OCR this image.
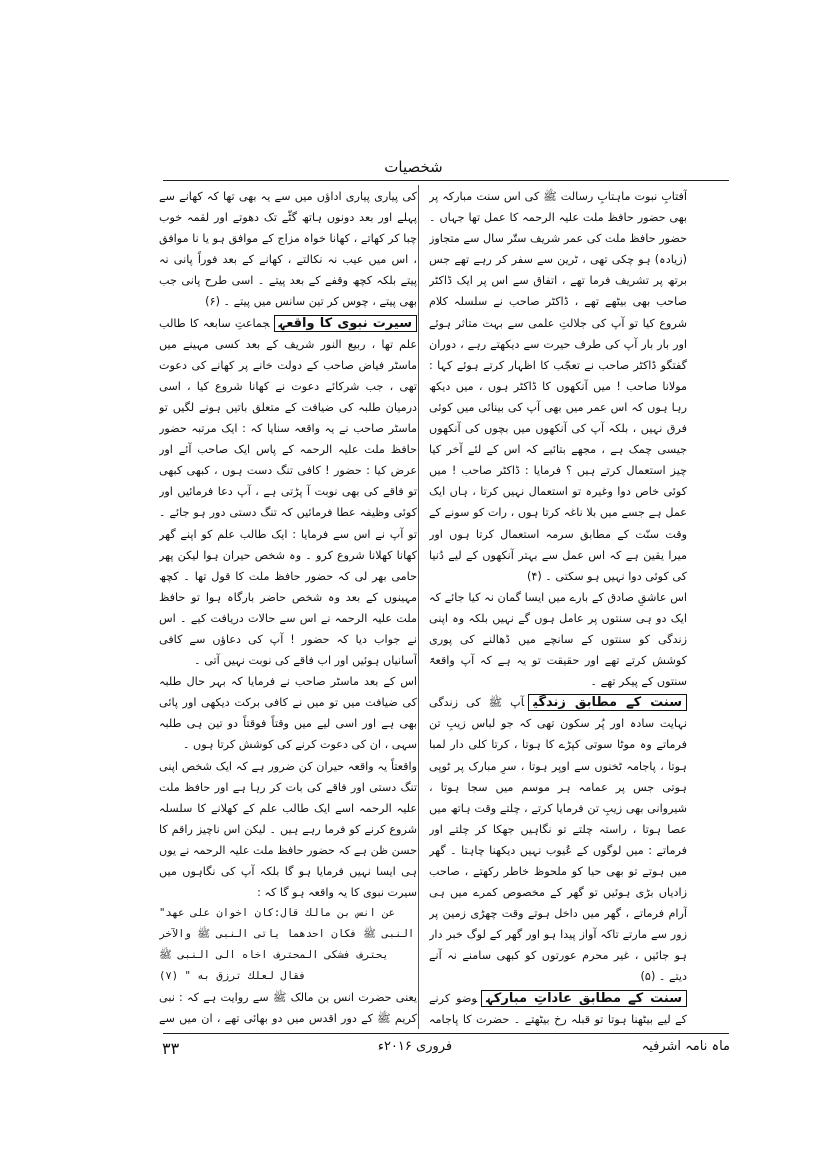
شخصیات

آفتابِ نبوت ماہتابِ رسالت ﷺ کی اس سنت مبارکہ پر بھی حضور حافظ ملت علیہ الرحمہ کا عمل تھا جہاں ۔ حضور حافظ ملت کی عمر شریف ستّر سال سے متجاوز (زیادہ) ہو چکی تھی ، ٹرین سے سفر کر رہے تھے جس برتھ پر تشریف فرما تھے ، اتفاق سے اس پر ایک ڈاکٹر صاحب بھی بیٹھے تھے ، ڈاکٹر صاحب نے سلسلہ کلام شروع کیا تو آپ کی جلالتِ علمی سے بہت متاثر ہوئے اور بار بار آپ کی طرف حیرت سے دیکھتے رہے ، دوران گفتگو ڈاکٹر صاحب نے تعجّب کا اظہار کرتے ہوئے کہا : مولانا صاحب ! میں آنکھوں کا ڈاکٹر ہوں ، میں دیکھ رہا ہوں کہ اس عمر میں بھی آپ کی بینائی میں کوئی فرق نہیں ، بلکہ آپ کی آنکھوں میں بچوں کی آنکھوں جیسی چمک ہے ، مجھے بتائیے کہ اس کے لئے آخر کیا چیز استعمال کرتے ہیں ؟ فرمایا : ڈاکٹر صاحب ! میں کوئی خاص دوا وغیرہ تو استعمال نہیں کرتا ، ہاں ایک عمل ہے جسے میں بلا ناغہ کرتا ہوں ، رات کو سونے کے وقت سنّت کے مطابق سرمہ استعمال کرتا ہوں اور میرا یقین ہے کہ اس عمل سے بہتر آنکھوں کے لیے دُنیا کی کوئی دوا نہیں ہو سکتی ۔ (۴)

اس عاشقِ صادق کے بارے میں ایسا گمان نہ کیا جائے کہ ایک دو ہی سنتوں پر عامل ہوں گے نہیں بلکہ وہ اپنی زندگی کو سنتوں کے سانچے میں ڈھالنے کی پوری کوشش کرتے تھے اور حقیقت تو یہ ہے کہ آپ واقعۃً سنتوں کے پیکر تھے ۔

سنت کے مطابق زندگیآپ ﷺ کی زندگی نہایت سادہ اور پُر سکون تھی کہ جو لباس زیبِ تن فرماتے وہ موٹا سوتی کپڑے کا ہوتا ، کرتا کلی دار لمبا ہوتا ، پاجامہ ٹخنوں سے اوپر ہوتا ، سرِ مبارک پر ٹوپی ہوتی جس پر عمامہ ہر موسم میں سجا ہوتا ، شیروانی بھی زیبِ تن فرمایا کرتے ، چلتے وقت ہاتھ میں عصا ہوتا ، راستہ چلتے تو نگاہیں جھکا کر چلتے اور فرماتے : میں لوگوں کے عُیوب نہیں دیکھنا چاہتا ۔ گھر میں ہوتے تو بھی حیا کو ملحوظ خاطر رکھتے ، صاحب زادیاں بڑی ہوئیں تو گھر کے مخصوص کمرے میں ہی آرام فرماتے ، گھر میں داخل ہوتے وقت چھڑی زمین پر زور سے مارتے تاکہ آواز پیدا ہو اور گھر کے لوگ خبر دار ہو جائیں ، غیر محرم عورتوں کو کبھی سامنے نہ آنے دیتے ۔ (۵)

سنت کے مطابق عاداتِ مبارکہوضو کرنے کے لیے بیٹھنا ہوتا تو قبلہ رخ بیٹھتے ۔ حضرت کا پاجامہ

کی پیاری پیاری اداؤں میں سے یہ بھی تھا کہ کھانے سے پہلے اور بعد دونوں ہاتھ گٹّے تک دھوتے اور لقمہ خوب چبا کر کھاتے ، کھانا خواہ مزاج کے موافق ہو یا نا موافق ، اس میں عیب نہ نکالتے ، کھانے کے بعد فوراً پانی نہ پیتے بلکہ کچھ وقفے کے بعد پیتے ۔ اسی طرح پانی جب بھی پیتے ، چوس کر تین سانس میں پیتے ۔ (۶)

سیرت نبوی کا واقعہجماعتِ سابعہ کا طالب علم تھا ، ربیع النور شریف کے بعد کسی مہینے میں ماسٹر فیاض صاحب کے دولت خانے پر کھانے کی دعوت تھی ، جب شرکائے دعوت نے کھانا شروع کیا ، اسی درمیان طلبہ کی ضیافت کے متعلق باتیں ہونے لگیں تو ماسٹر صاحب نے یہ واقعہ سنایا کہ : ایک مرتبہ حضور حافظ ملت علیہ الرحمہ کے پاس ایک صاحب آئے اور عرض کیا : حضور ! کافی تنگ دست ہوں ، کبھی کبھی تو فاقے کی بھی نوبت آ پڑتی ہے ، آپ دعا فرمائیں اور کوئی وظیفہ عطا فرمائیں کہ تنگ دستی دور ہو جائے ۔ تو آپ نے اس سے فرمایا : ایک طالب علم کو اپنے گھر کھانا کھلانا شروع کرو ۔ وہ شخص حیران ہوا لیکن پھر حامی بھر لی کہ حضور حافظ ملت کا قول تھا ۔ کچھ مہینوں کے بعد وہ شخص حاضر بارگاہ ہوا تو حافظ ملت علیہ الرحمہ نے اس سے حالات دریافت کیے ۔ اس نے جواب دیا کہ حضور ! آپ کی دعاؤں سے کافی آسانیاں ہوئیں اور اب فاقے کی نوبت نہیں آتی ۔

اس کے بعد ماسٹر صاحب نے فرمایا کہ بہر حال طلبہ کی ضیافت میں تو میں نے کافی برکت دیکھی اور پائی بھی ہے اور اسی لیے میں وقتاً فوقتاً دو تین ہی طلبہ سہی ، ان کی دعوت کرنے کی کوشش کرتا ہوں ۔

واقعتاً یہ واقعہ حیران کن ضرور ہے کہ ایک شخص اپنی تنگ دستی اور فاقے کی بات کر رہا ہے اور حافظ ملت علیہ الرحمہ اسے ایک طالب علم کے کھلانے کا سلسلہ شروع کرنے کو فرما رہے ہیں ۔ لیکن اس ناچیز راقم کا حسن ظن ہے کہ حضور حافظ ملت علیہ الرحمہ نے یوں ہی ایسا نہیں فرمایا ہو گا بلکہ آپ کی نگاہوں میں سیرت نبوی کا یہ واقعہ ہو گا کہ :

"عن انس بن مالك قال:كان اخوان على عهد النبى ﷺ فكان احدهما ياتى النبى ﷺ والآخر يحترف فشكى المحترف اخاه الى النبى ﷺ فقال لعلك ترزق به " (٧)

یعنی حضرت انس بن مالک ﷺ سے روایت ہے کہ : نبی کریم ﷺ کے دور اقدس میں دو بھائی تھے ، ان میں سے

ماہ نامہ اشرفیہ
فروری ۲۰۱۶ء
۳۳
